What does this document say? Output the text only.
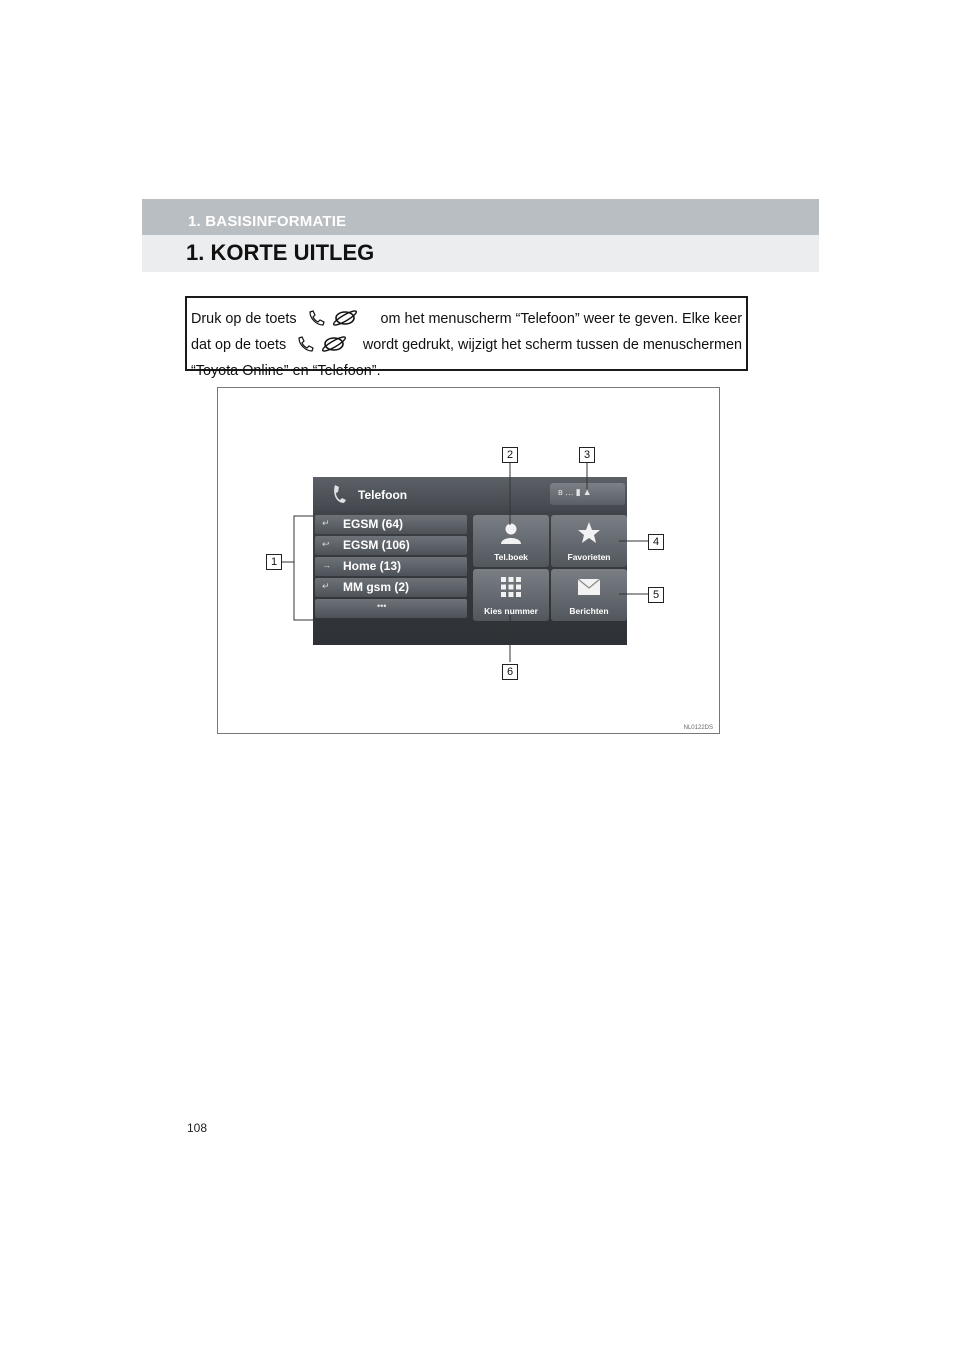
1. BASISINFORMATIE
1. KORTE UITLEG
Druk op de toets	om het menuscherm “Telefoon” weer te geven. Elke keer
dat op de toets	wordt gedrukt, wijzigt het scherm tussen de menuschermen
“Toyota Online” en “Telefoon”.
Telefoon	ʙ…▮▲
↵ EGSM (64)
↩ EGSM (106)
→ Home (13)
↵ MM gsm (2)
•••
Tel.boek	Favorieten
Kies nummer	Berichten
1
2	3
4
5
6
NL0122DS
108
